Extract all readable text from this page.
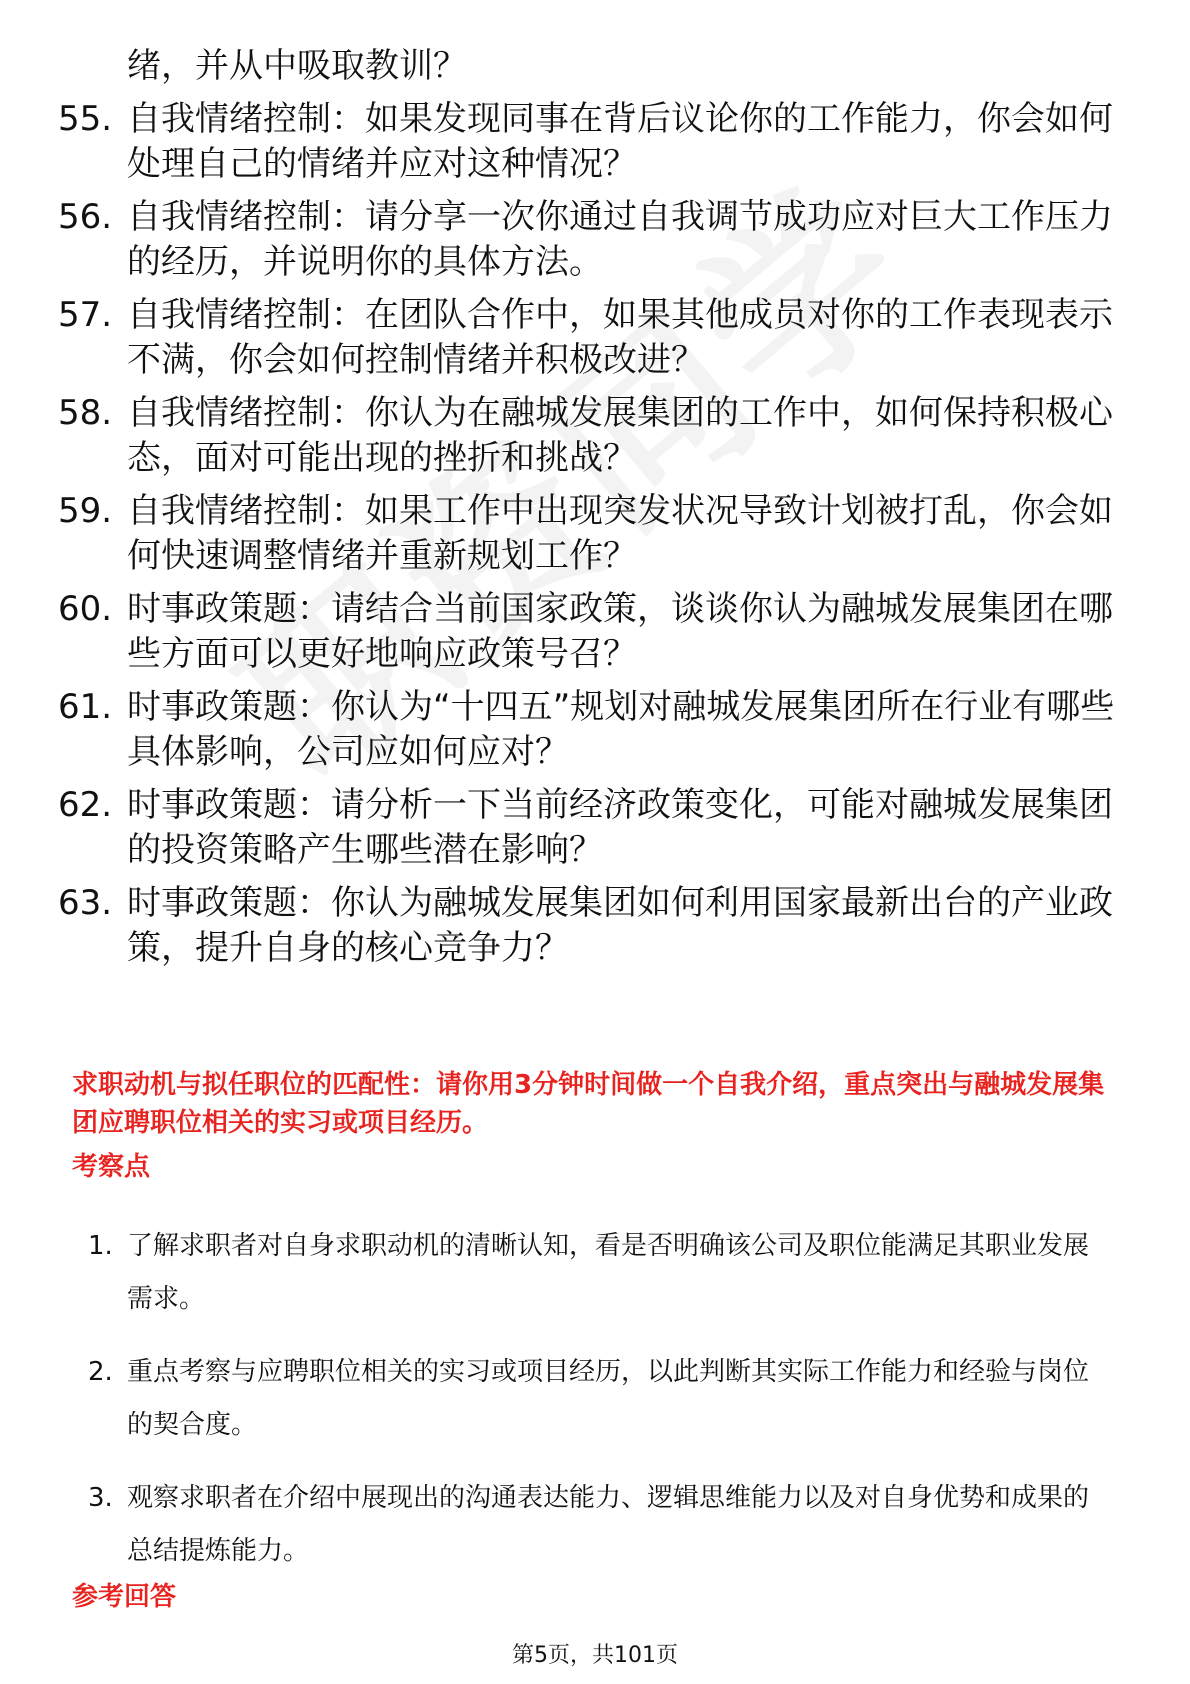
绪，并从中吸取教训？
55. 自我情绪控制：如果发现同事在背后议论你的工作能力，你会如何处理自己的情绪并应对这种情况？
56. 自我情绪控制：请分享一次你通过自我调节成功应对巨大工作压力的经历，并说明你的具体方法。
57. 自我情绪控制：在团队合作中，如果其他成员对你的工作表现表示不满，你会如何控制情绪并积极改进？
58. 自我情绪控制：你认为在融城发展集团的工作中，如何保持积极心态，面对可能出现的挫折和挑战？
59. 自我情绪控制：如果工作中出现突发状况导致计划被打乱，你会如何快速调整情绪并重新规划工作？
60. 时事政策题：请结合当前国家政策，谈谈你认为融城发展集团在哪些方面可以更好地响应政策号召？
61. 时事政策题：你认为“十四五”规划对融城发展集团所在行业有哪些具体影响，公司应如何应对？
62. 时事政策题：请分析一下当前经济政策变化，可能对融城发展集团的投资策略产生哪些潜在影响？
63. 时事政策题：你认为融城发展集团如何利用国家最新出台的产业政策，提升自身的核心竞争力？
求职动机与拟任职位的匹配性：请你用3分钟时间做一个自我介绍，重点突出与融城发展集团应聘职位相关的实习或项目经历。
考察点
1. 了解求职者对自身求职动机的清晰认知，看是否明确该公司及职位能满足其职业发展需求。
2. 重点考察与应聘职位相关的实习或项目经历，以此判断其实际工作能力和经验与岗位的契合度。
3. 观察求职者在介绍中展现出的沟通表达能力、逻辑思维能力以及对自身优势和成果的总结提炼能力。
参考回答
第5页，共101页
